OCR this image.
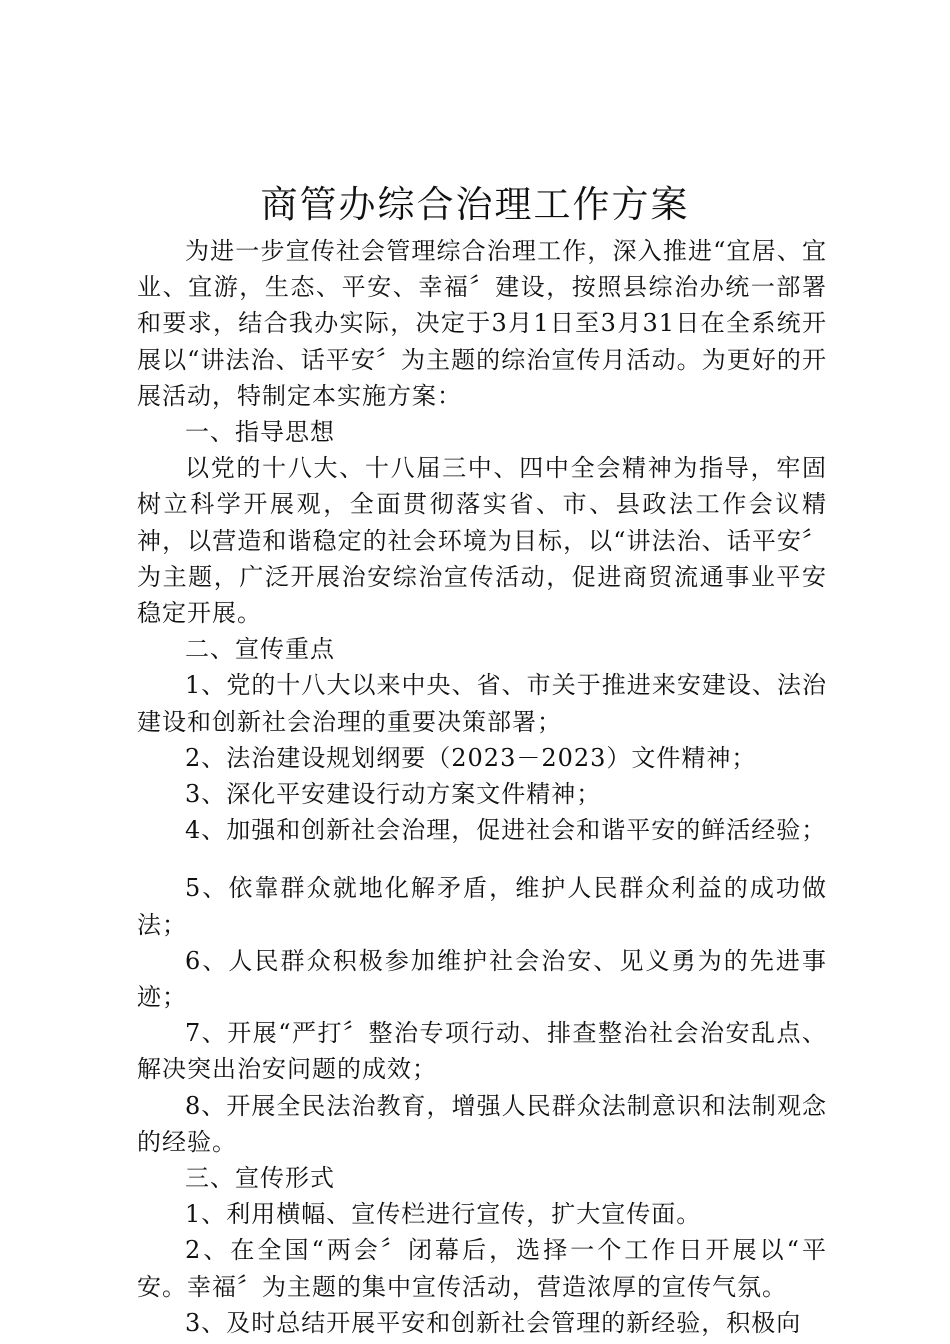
商管办综合治理工作方案

为进一步宣传社会管理综合治理工作，深入推进“宜居、宜业、宜游，生态、平安、幸福〞建设，按照县综治办统一部署和要求，结合我办实际，决定于3月1日至3月31日在全系统开展以“讲法治、话平安〞为主题的综治宣传月活动。为更好的开展活动，特制定本实施方案：

一、指导思想

以党的十八大、十八届三中、四中全会精神为指导，牢固树立科学开展观，全面贯彻落实省、市、县政法工作会议精神，以营造和谐稳定的社会环境为目标，以“讲法治、话平安〞为主题，广泛开展治安综治宣传活动，促进商贸流通事业平安稳定开展。

二、宣传重点

1、党的十八大以来中央、省、市关于推进来安建设、法治建设和创新社会治理的重要决策部署；

2、法治建设规划纲要（2023－2023）文件精神；

3、深化平安建设行动方案文件精神；

4、加强和创新社会治理，促进社会和谐平安的鲜活经验；

5、依靠群众就地化解矛盾，维护人民群众利益的成功做法；

6、人民群众积极参加维护社会治安、见义勇为的先进事迹；

7、开展“严打〞整治专项行动、排查整治社会治安乱点、解决突出治安问题的成效；

8、开展全民法治教育，增强人民群众法制意识和法制观念的经验。

三、宣传形式

1、利用横幅、宣传栏进行宣传，扩大宣传面。

2、在全国“两会〞闭幕后，选择一个工作日开展以“平安。幸福〞为主题的集中宣传活动，营造浓厚的宣传气氛。

3、及时总结开展平安和创新社会管理的新经验，积极向
